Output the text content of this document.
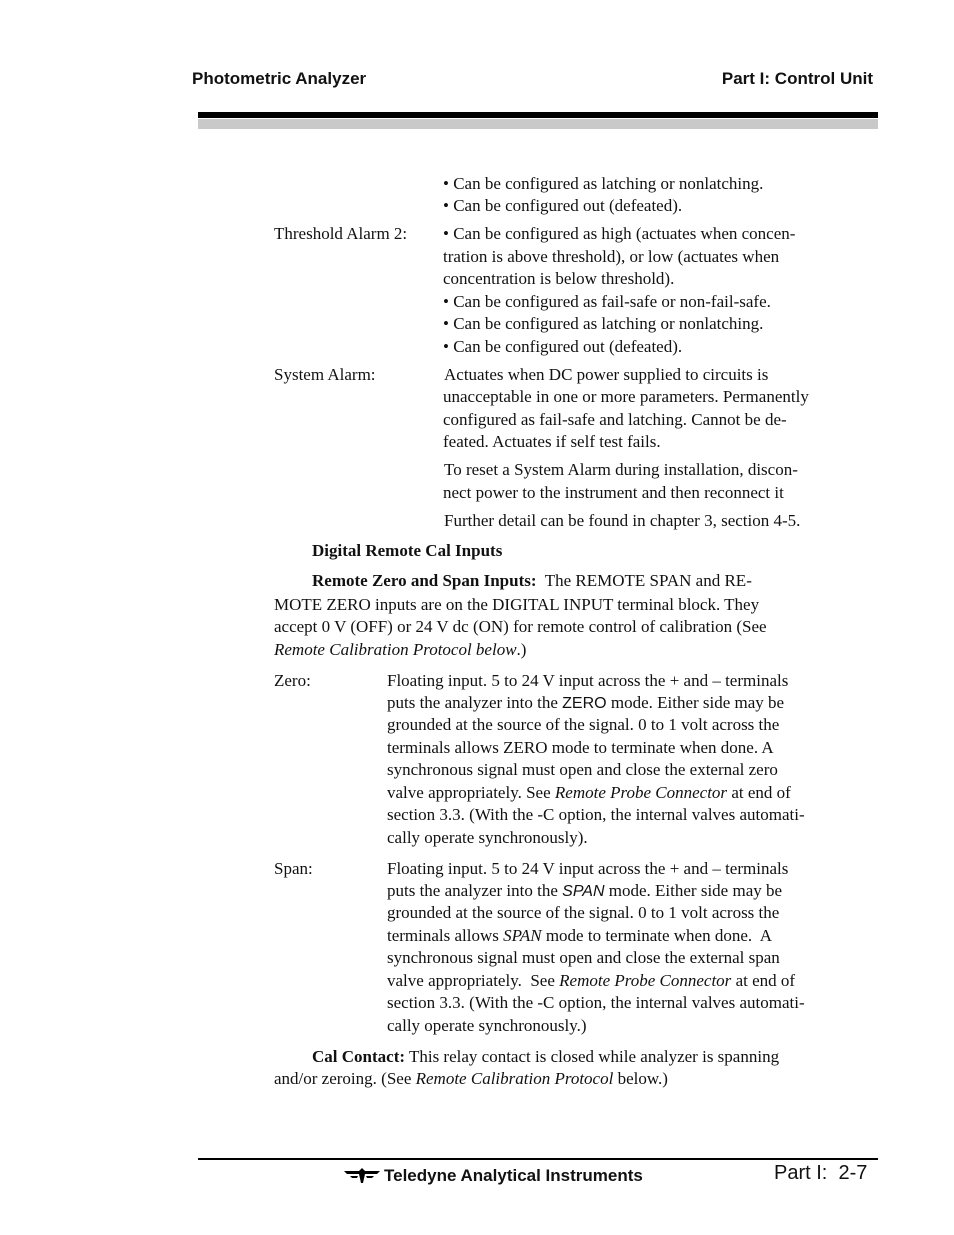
Photometric Analyzer	Part I: Control Unit
• Can be configured as latching or nonlatching.
• Can be configured out (defeated).
Threshold Alarm 2: • Can be configured as high (actuates when concen-
tration is above threshold), or low (actuates when
concentration is below threshold).
• Can be configured as fail-safe or non-fail-safe.
• Can be configured as latching or nonlatching.
• Can be configured out (defeated).
System Alarm:	Actuates when DC power supplied to circuits is
unacceptable in one or more parameters. Permanently
configured as fail-safe and latching. Cannot be de-
feated. Actuates if self test fails.
To reset a System Alarm during installation, discon-
nect power to the instrument and then reconnect it
Further detail can be found in chapter 3, section 4-5.
Digital Remote Cal Inputs
Remote Zero and Span Inputs:  The REMOTE SPAN and RE-
MOTE ZERO inputs are on the DIGITAL INPUT terminal block. They
accept 0 V (OFF) or 24 V dc (ON) for remote control of calibration (See
Remote Calibration Protocol below.)
Zero:	Floating input. 5 to 24 V input across the + and – terminals
puts the analyzer into the ZERO mode. Either side may be
grounded at the source of the signal. 0 to 1 volt across the
terminals allows ZERO mode to terminate when done. A
synchronous signal must open and close the external zero
valve appropriately. See Remote Probe Connector at end of
section 3.3. (With the -C option, the internal valves automati-
cally operate synchronously).
Span:	Floating input. 5 to 24 V input across the + and – terminals
puts the analyzer into the SPAN mode. Either side may be
grounded at the source of the signal. 0 to 1 volt across the
terminals allows SPAN mode to terminate when done.  A
synchronous signal must open and close the external span
valve appropriately.  See Remote Probe Connector at end of
section 3.3. (With the -C option, the internal valves automati-
cally operate synchronously.)
Cal Contact: This relay contact is closed while analyzer is spanning
and/or zeroing. (See Remote Calibration Protocol below.)
Teledyne Analytical Instruments	Part I:  2-7
